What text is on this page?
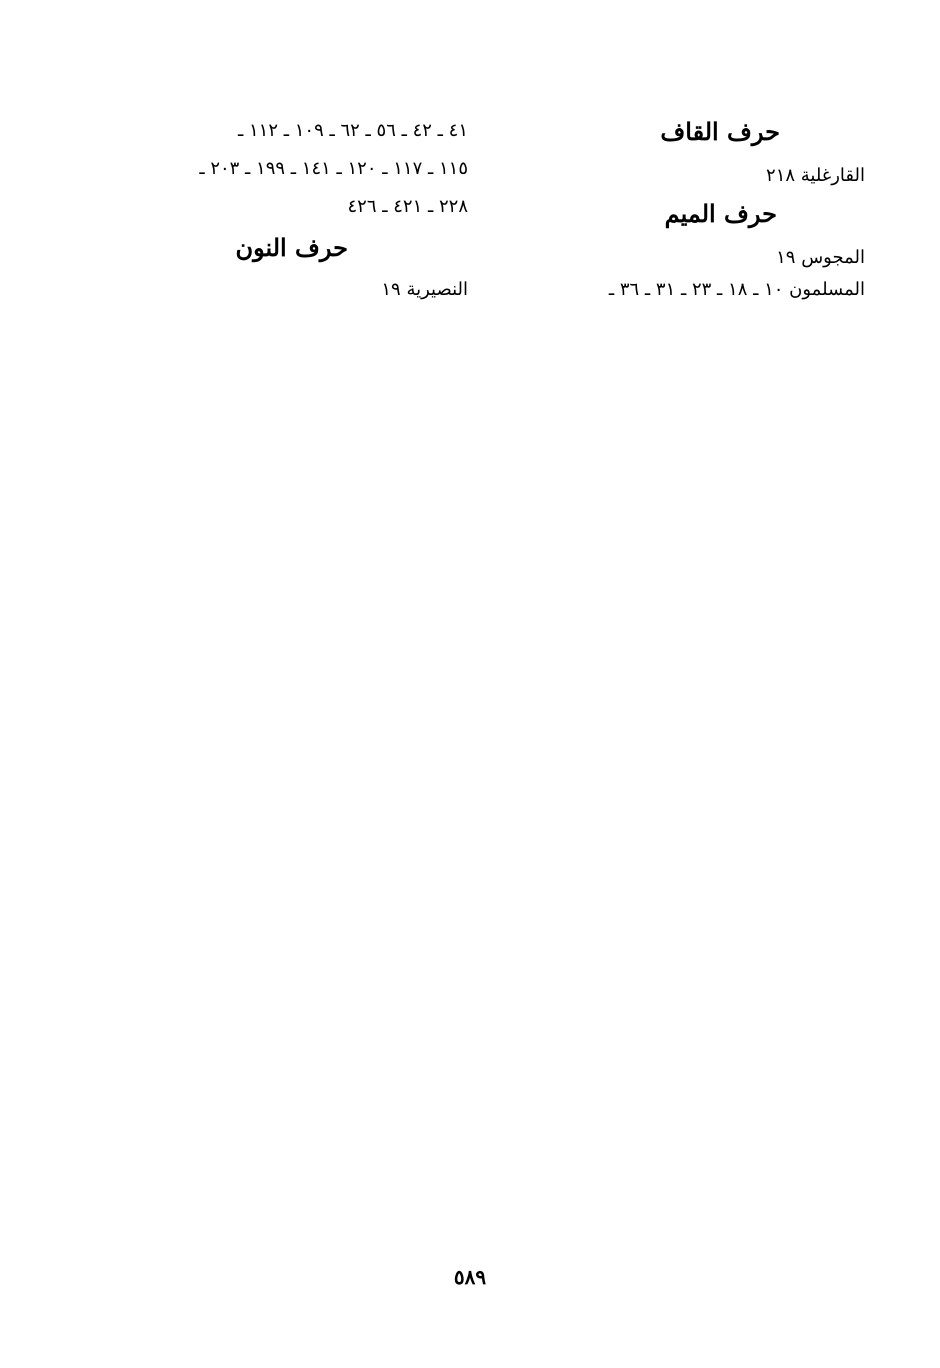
حرف القاف
القارغلية ٢١٨
حرف الميم
المجوس ١٩
المسلمون ١٠ ـ ١٨ ـ ٢٣ ـ ٣١ ـ ٣٦ ـ
٤١ ـ ٤٢ ـ ٥٦ ـ ٦٢ ـ ١٠٩ ـ ١١٢ ـ
١١٥ ـ ١١٧ ـ ١٢٠ ـ ١٤١ ـ ١٩٩ ـ ٢٠٣ ـ
٢٢٨ ـ ٤٢١ ـ ٤٢٦
حرف النون
النصيرية ١٩
٥٨٩
